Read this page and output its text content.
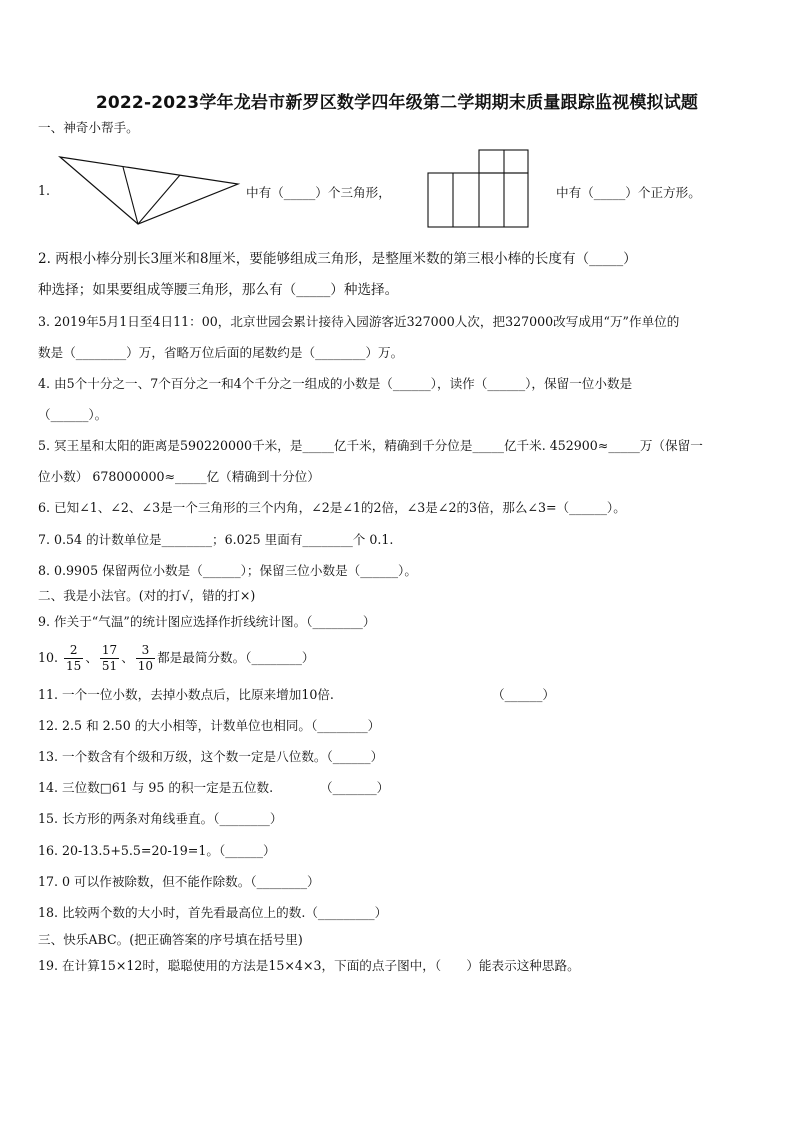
2022-2023学年龙岩市新罗区数学四年级第二学期期末质量跟踪监视模拟试题
一、神奇小帮手。
1.	中有（_____）个三角形，	中有（_____）个正方形。
2. 两根小棒分别长3厘米和8厘米，要能够组成三角形，是整厘米数的第三根小棒的长度有（_____）
种选择；如果要组成等腰三角形，那么有（_____）种选择。
3. 2019年5月1日至4日11：00，北京世园会累计接待入园游客近327000人次，把327000改写成用“万”作单位的
数是（________）万，省略万位后面的尾数约是（________）万。
4. 由5个十分之一、7个百分之一和4个千分之一组成的小数是（______），读作（______），保留一位小数是
（______）。
5. 冥王星和太阳的距离是590220000千米，是_____亿千米，精确到千分位是_____亿千米. 452900≈_____万（保留一
位小数） 678000000≈_____亿（精确到十分位）
6. 已知∠1、∠2、∠3是一个三角形的三个内角，∠2是∠1的2倍，∠3是∠2的3倍，那么∠3=（______）。
7. 0.54 的计数单位是________；6.025 里面有________个 0.1.
8. 0.9905 保留两位小数是（______）；保留三位小数是（______）。
二、我是小法官。(对的打√，错的打×)
9. 作关于“气温”的统计图应选择作折线统计图。（________）
10. $\frac{2}{15}$ 、 $\frac{17}{51}$ 、 $\frac{3}{10}$ 都是最简分数。（________）
11. 一个一位小数，去掉小数点后，比原来增加10倍.	（______）
12. 2.5 和 2.50 的大小相等，计数单位也相同。（________）
13. 一个数含有个级和万级，这个数一定是八位数。（______）
14. 三位数□61 与 95 的积一定是五位数.	（_______）
15. 长方形的两条对角线垂直。（________）
16. 20-13.5+5.5=20-19=1。（______）
17. 0 可以作被除数，但不能作除数。（________）
18. 比较两个数的大小时，首先看最高位上的数.（_________）
三、快乐ABC。(把正确答案的序号填在括号里)
19. 在计算15×12时，聪聪使用的方法是15×4×3，下面的点子图中，（　　）能表示这种思路。
